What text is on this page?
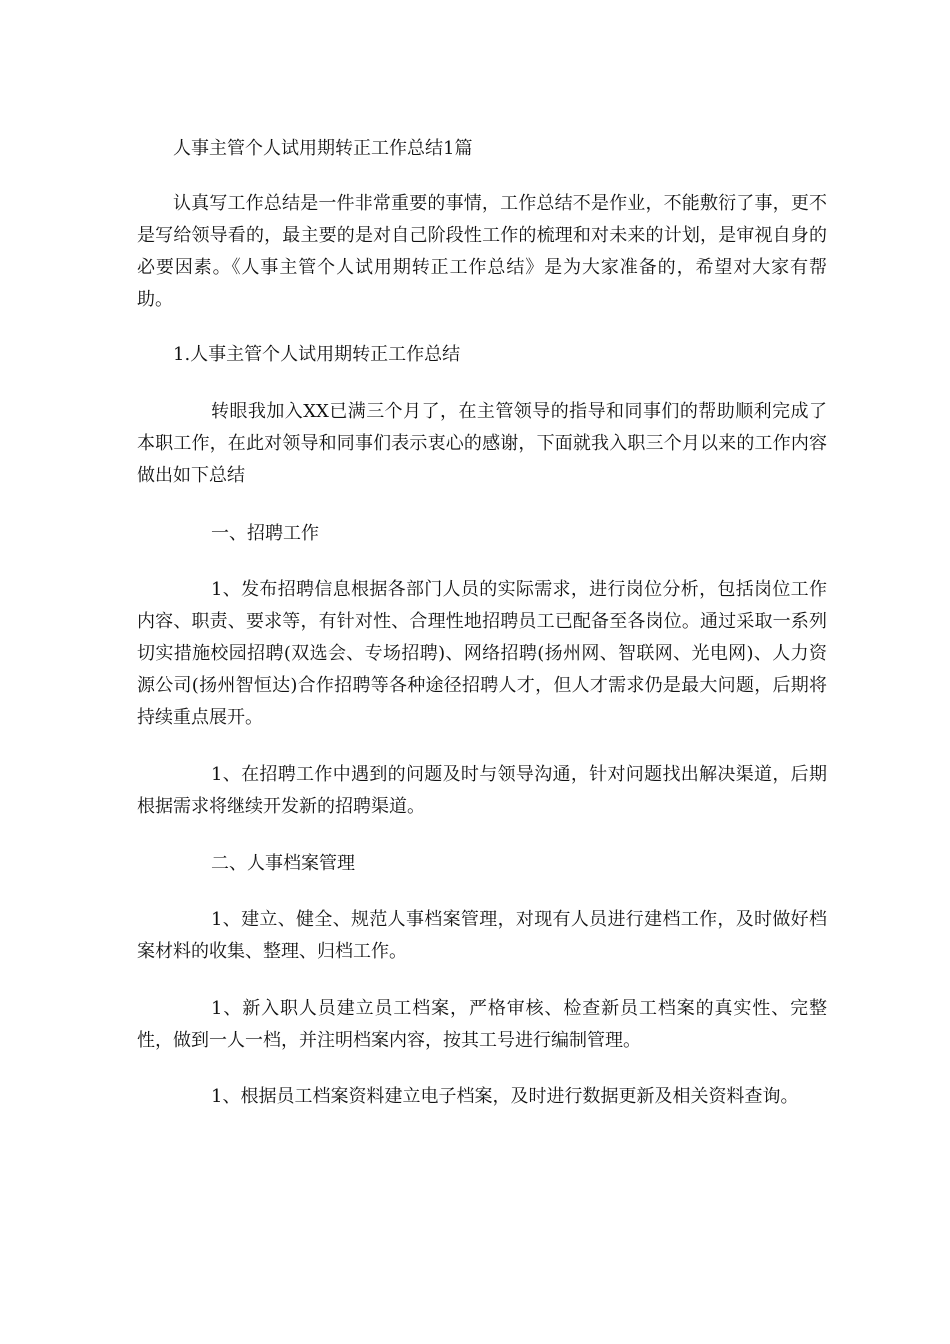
人事主管个人试用期转正工作总结1篇

认真写工作总结是一件非常重要的事情，工作总结不是作业，不能敷衍了事，更不是写给领导看的，最主要的是对自己阶段性工作的梳理和对未来的计划，是审视自身的必要因素。《人事主管个人试用期转正工作总结》是为大家准备的，希望对大家有帮助。

1.人事主管个人试用期转正工作总结

转眼我加入XX已满三个月了，在主管领导的指导和同事们的帮助顺利完成了本职工作，在此对领导和同事们表示衷心的感谢，下面就我入职三个月以来的工作内容做出如下总结

一、招聘工作

1、发布招聘信息根据各部门人员的实际需求，进行岗位分析，包括岗位工作内容、职责、要求等，有针对性、合理性地招聘员工已配备至各岗位。通过采取一系列切实措施校园招聘(双选会、专场招聘)、网络招聘(扬州网、智联网、光电网)、人力资源公司(扬州智恒达)合作招聘等各种途径招聘人才，但人才需求仍是最大问题，后期将持续重点展开。

1、在招聘工作中遇到的问题及时与领导沟通，针对问题找出解决渠道，后期根据需求将继续开发新的招聘渠道。

二、人事档案管理

1、建立、健全、规范人事档案管理，对现有人员进行建档工作，及时做好档案材料的收集、整理、归档工作。

1、新入职人员建立员工档案，严格审核、检查新员工档案的真实性、完整性，做到一人一档，并注明档案内容，按其工号进行编制管理。

1、根据员工档案资料建立电子档案，及时进行数据更新及相关资料查询。
